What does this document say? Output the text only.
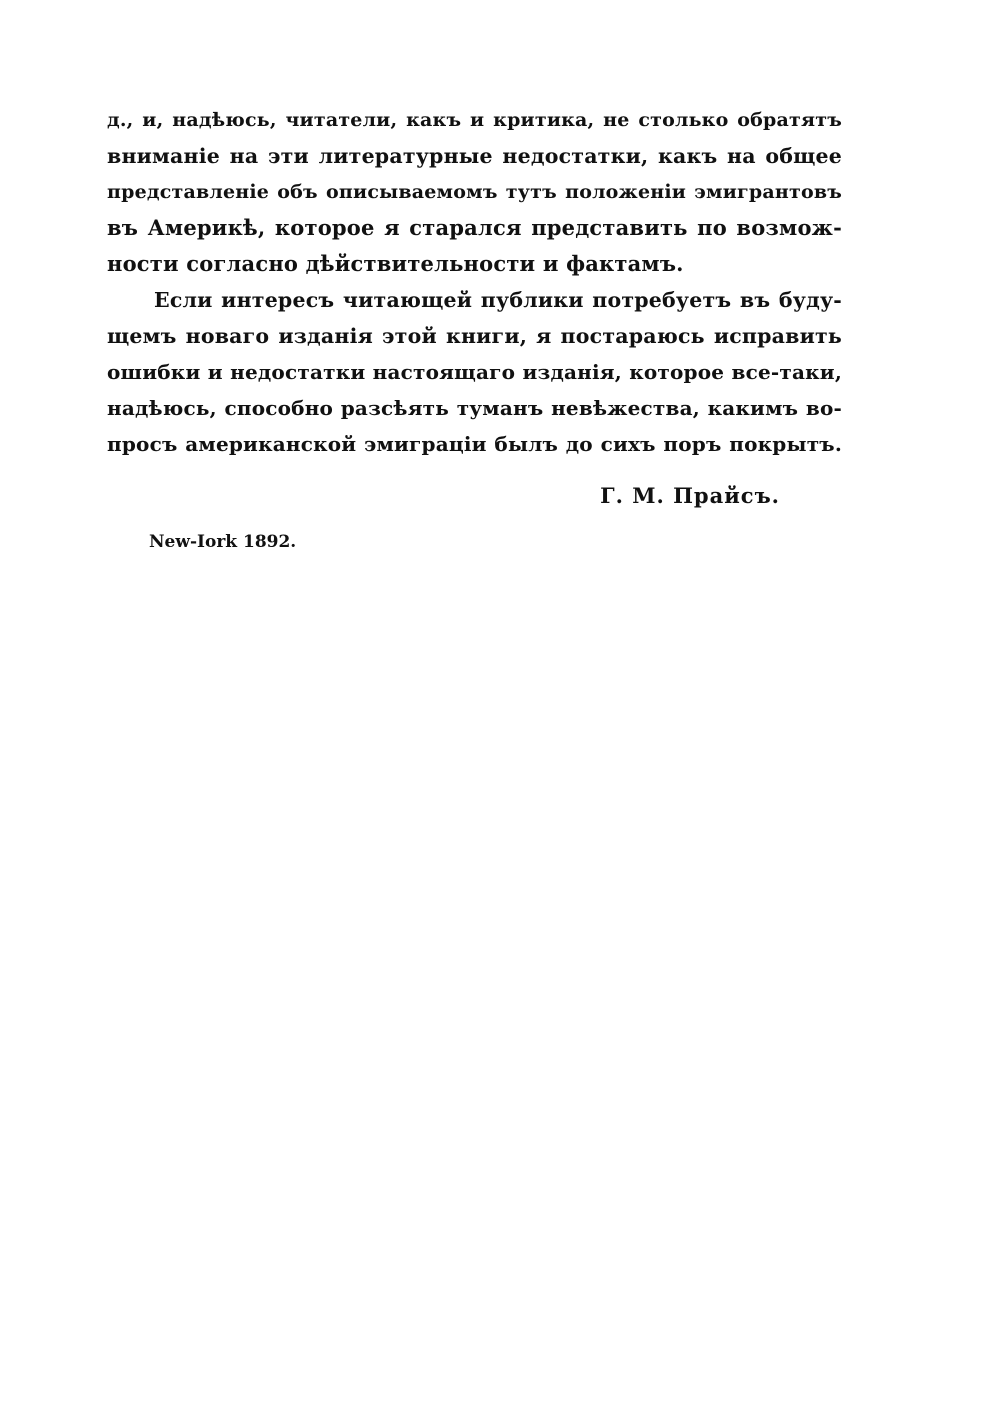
д., и, надѣюсь, читатели, какъ и критика, не столько обратятъ
вниманіе на эти литературные недостатки, какъ на общее
представленіе объ описываемомъ тутъ положеніи эмигрантовъ
въ Америкѣ, которое я старался представить по возмож-
ности согласно дѣйствительности и фактамъ.
Если интересъ читающей публики потребуетъ въ буду-
щемъ новаго изданія этой книги, я постараюсь исправить
ошибки и недостатки настоящаго изданія, которое все-таки,
надѣюсь, способно разсѣять туманъ невѣжества, какимъ во-
просъ американской эмиграціи былъ до сихъ поръ покрытъ.
Г. М. Прайсъ.
New-Iork 1892.
